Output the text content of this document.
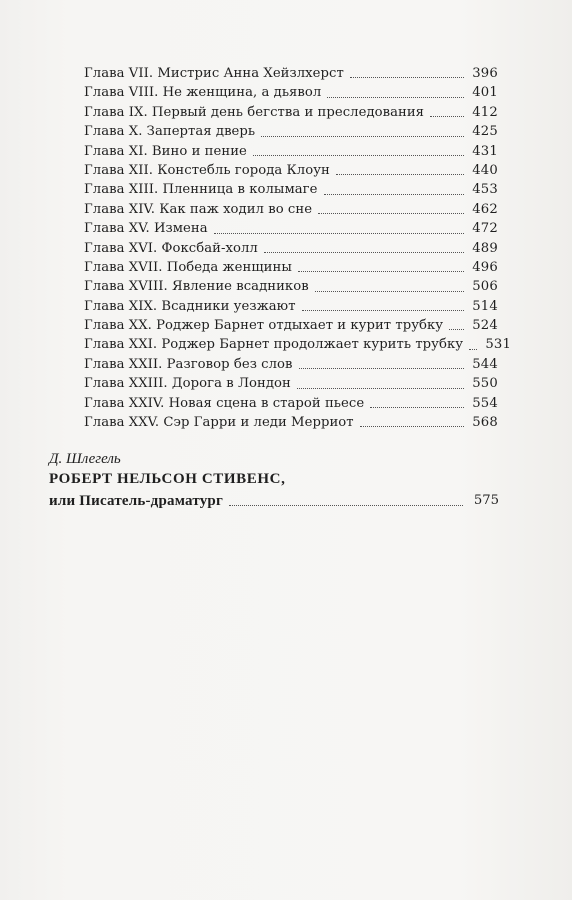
Глава VII. Мистрис Анна Хейзлхерст	396
Глава VIII. Не женщина, а дьявол	401
Глава IX. Первый день бегства и преследования	412
Глава X. Запертая дверь	425
Глава XI. Вино и пение	431
Глава XII. Констебль города Клоун	440
Глава XIII. Пленница в колымаге	453
Глава XIV. Как паж ходил во сне	462
Глава XV. Измена	472
Глава XVI. Фоксбай-холл	489
Глава XVII. Победа женщины	496
Глава XVIII. Явление всадников	506
Глава XIX. Всадники уезжают	514
Глава XX. Роджер Барнет отдыхает и курит трубку 524
Глава XXI. Роджер Барнет продолжает курить трубку 531
Глава XXII. Разговор без слов	544
Глава XXIII. Дорога в Лондон	550
Глава XXIV. Новая сцена в старой пьесе	554
Глава XXV. Сэр Гарри и леди Мерриот	568
Д. Шлегель
РОБЕРТ НЕЛЬСОН СТИВЕНС,
или Писатель-драматург	575
